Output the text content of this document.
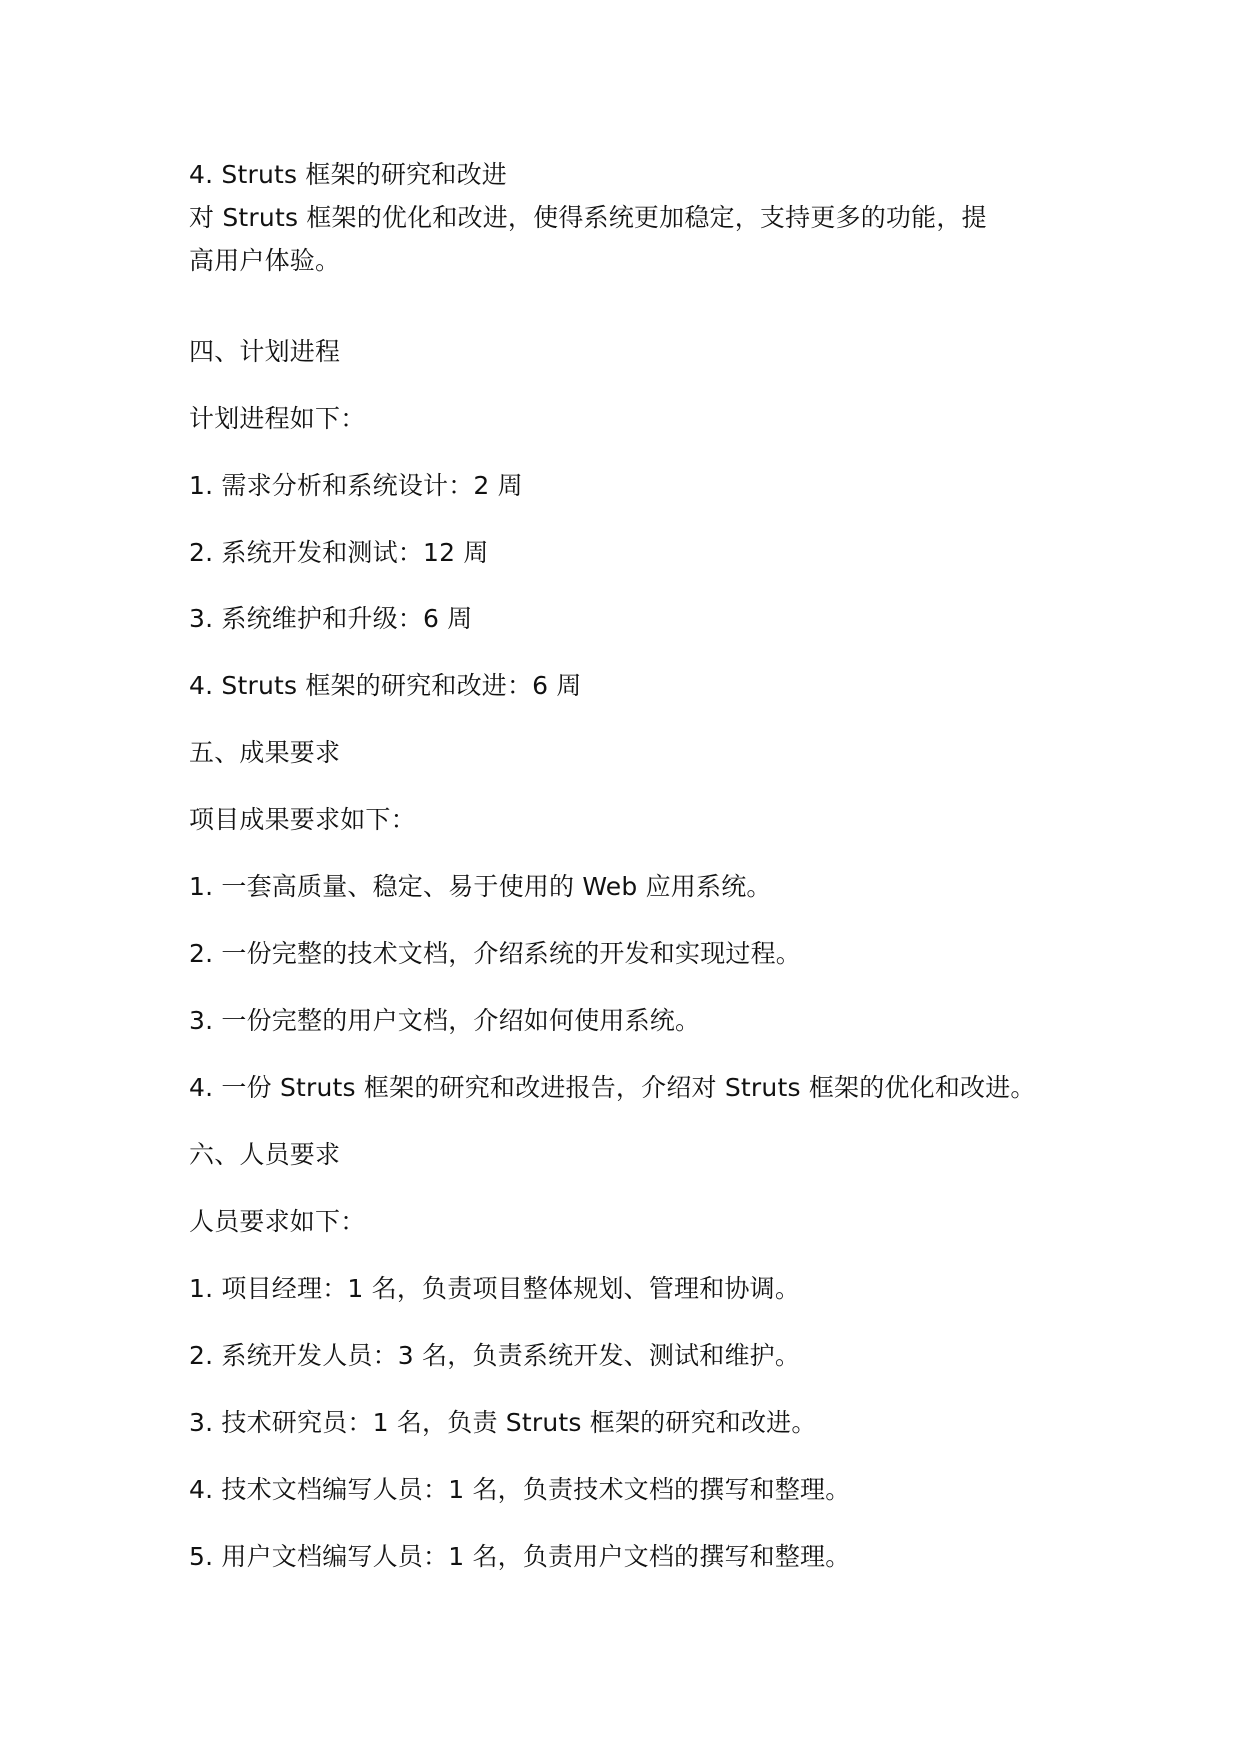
4. Struts 框架的研究和改进
对 Struts 框架的优化和改进，使得系统更加稳定，支持更多的功能，提
高用户体验。
四、计划进程
计划进程如下：
1. 需求分析和系统设计：2 周
2. 系统开发和测试：12 周
3. 系统维护和升级：6 周
4. Struts 框架的研究和改进：6 周
五、成果要求
项目成果要求如下：
1. 一套高质量、稳定、易于使用的 Web 应用系统。
2. 一份完整的技术文档，介绍系统的开发和实现过程。
3. 一份完整的用户文档，介绍如何使用系统。
4. 一份 Struts 框架的研究和改进报告，介绍对 Struts 框架的优化和改进。
六、人员要求
人员要求如下：
1. 项目经理：1 名，负责项目整体规划、管理和协调。
2. 系统开发人员：3 名，负责系统开发、测试和维护。
3. 技术研究员：1 名，负责 Struts 框架的研究和改进。
4. 技术文档编写人员：1 名，负责技术文档的撰写和整理。
5. 用户文档编写人员：1 名，负责用户文档的撰写和整理。
